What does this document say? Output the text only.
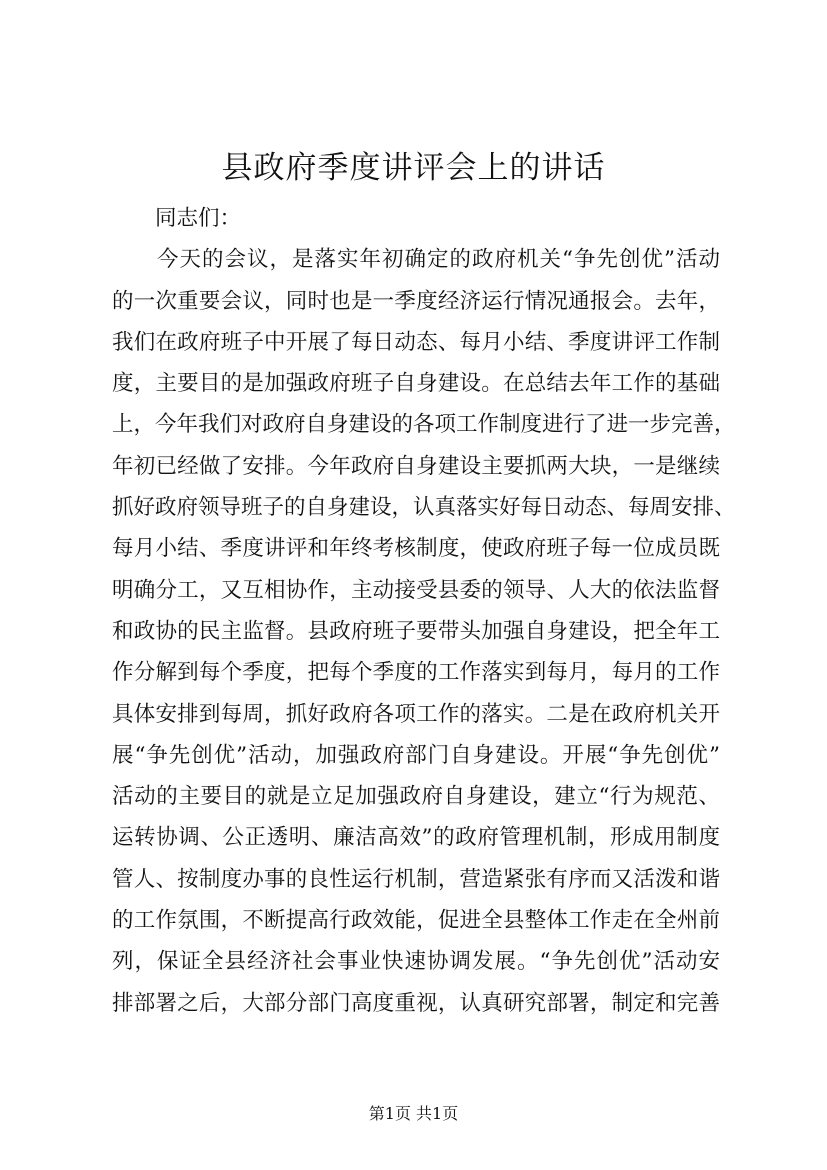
县政府季度讲评会上的讲话
　　同志们：
　　今天的会议，是落实年初确定的政府机关“争先创优”活动
的一次重要会议，同时也是一季度经济运行情况通报会。去年，
我们在政府班子中开展了每日动态、每月小结、季度讲评工作制
度，主要目的是加强政府班子自身建设。在总结去年工作的基础
上，今年我们对政府自身建设的各项工作制度进行了进一步完善，
年初已经做了安排。今年政府自身建设主要抓两大块，一是继续
抓好政府领导班子的自身建设，认真落实好每日动态、每周安排、
每月小结、季度讲评和年终考核制度，使政府班子每一位成员既
明确分工，又互相协作，主动接受县委的领导、人大的依法监督
和政协的民主监督。县政府班子要带头加强自身建设，把全年工
作分解到每个季度，把每个季度的工作落实到每月，每月的工作
具体安排到每周，抓好政府各项工作的落实。二是在政府机关开
展“争先创优”活动，加强政府部门自身建设。开展“争先创优”
活动的主要目的就是立足加强政府自身建设，建立“行为规范、
运转协调、公正透明、廉洁高效”的政府管理机制，形成用制度
管人、按制度办事的良性运行机制，营造紧张有序而又活泼和谐
的工作氛围，不断提高行政效能，促进全县整体工作走在全州前
列，保证全县经济社会事业快速协调发展。“争先创优”活动安
排部署之后，大部分部门高度重视，认真研究部署，制定和完善
第1页 共1页
